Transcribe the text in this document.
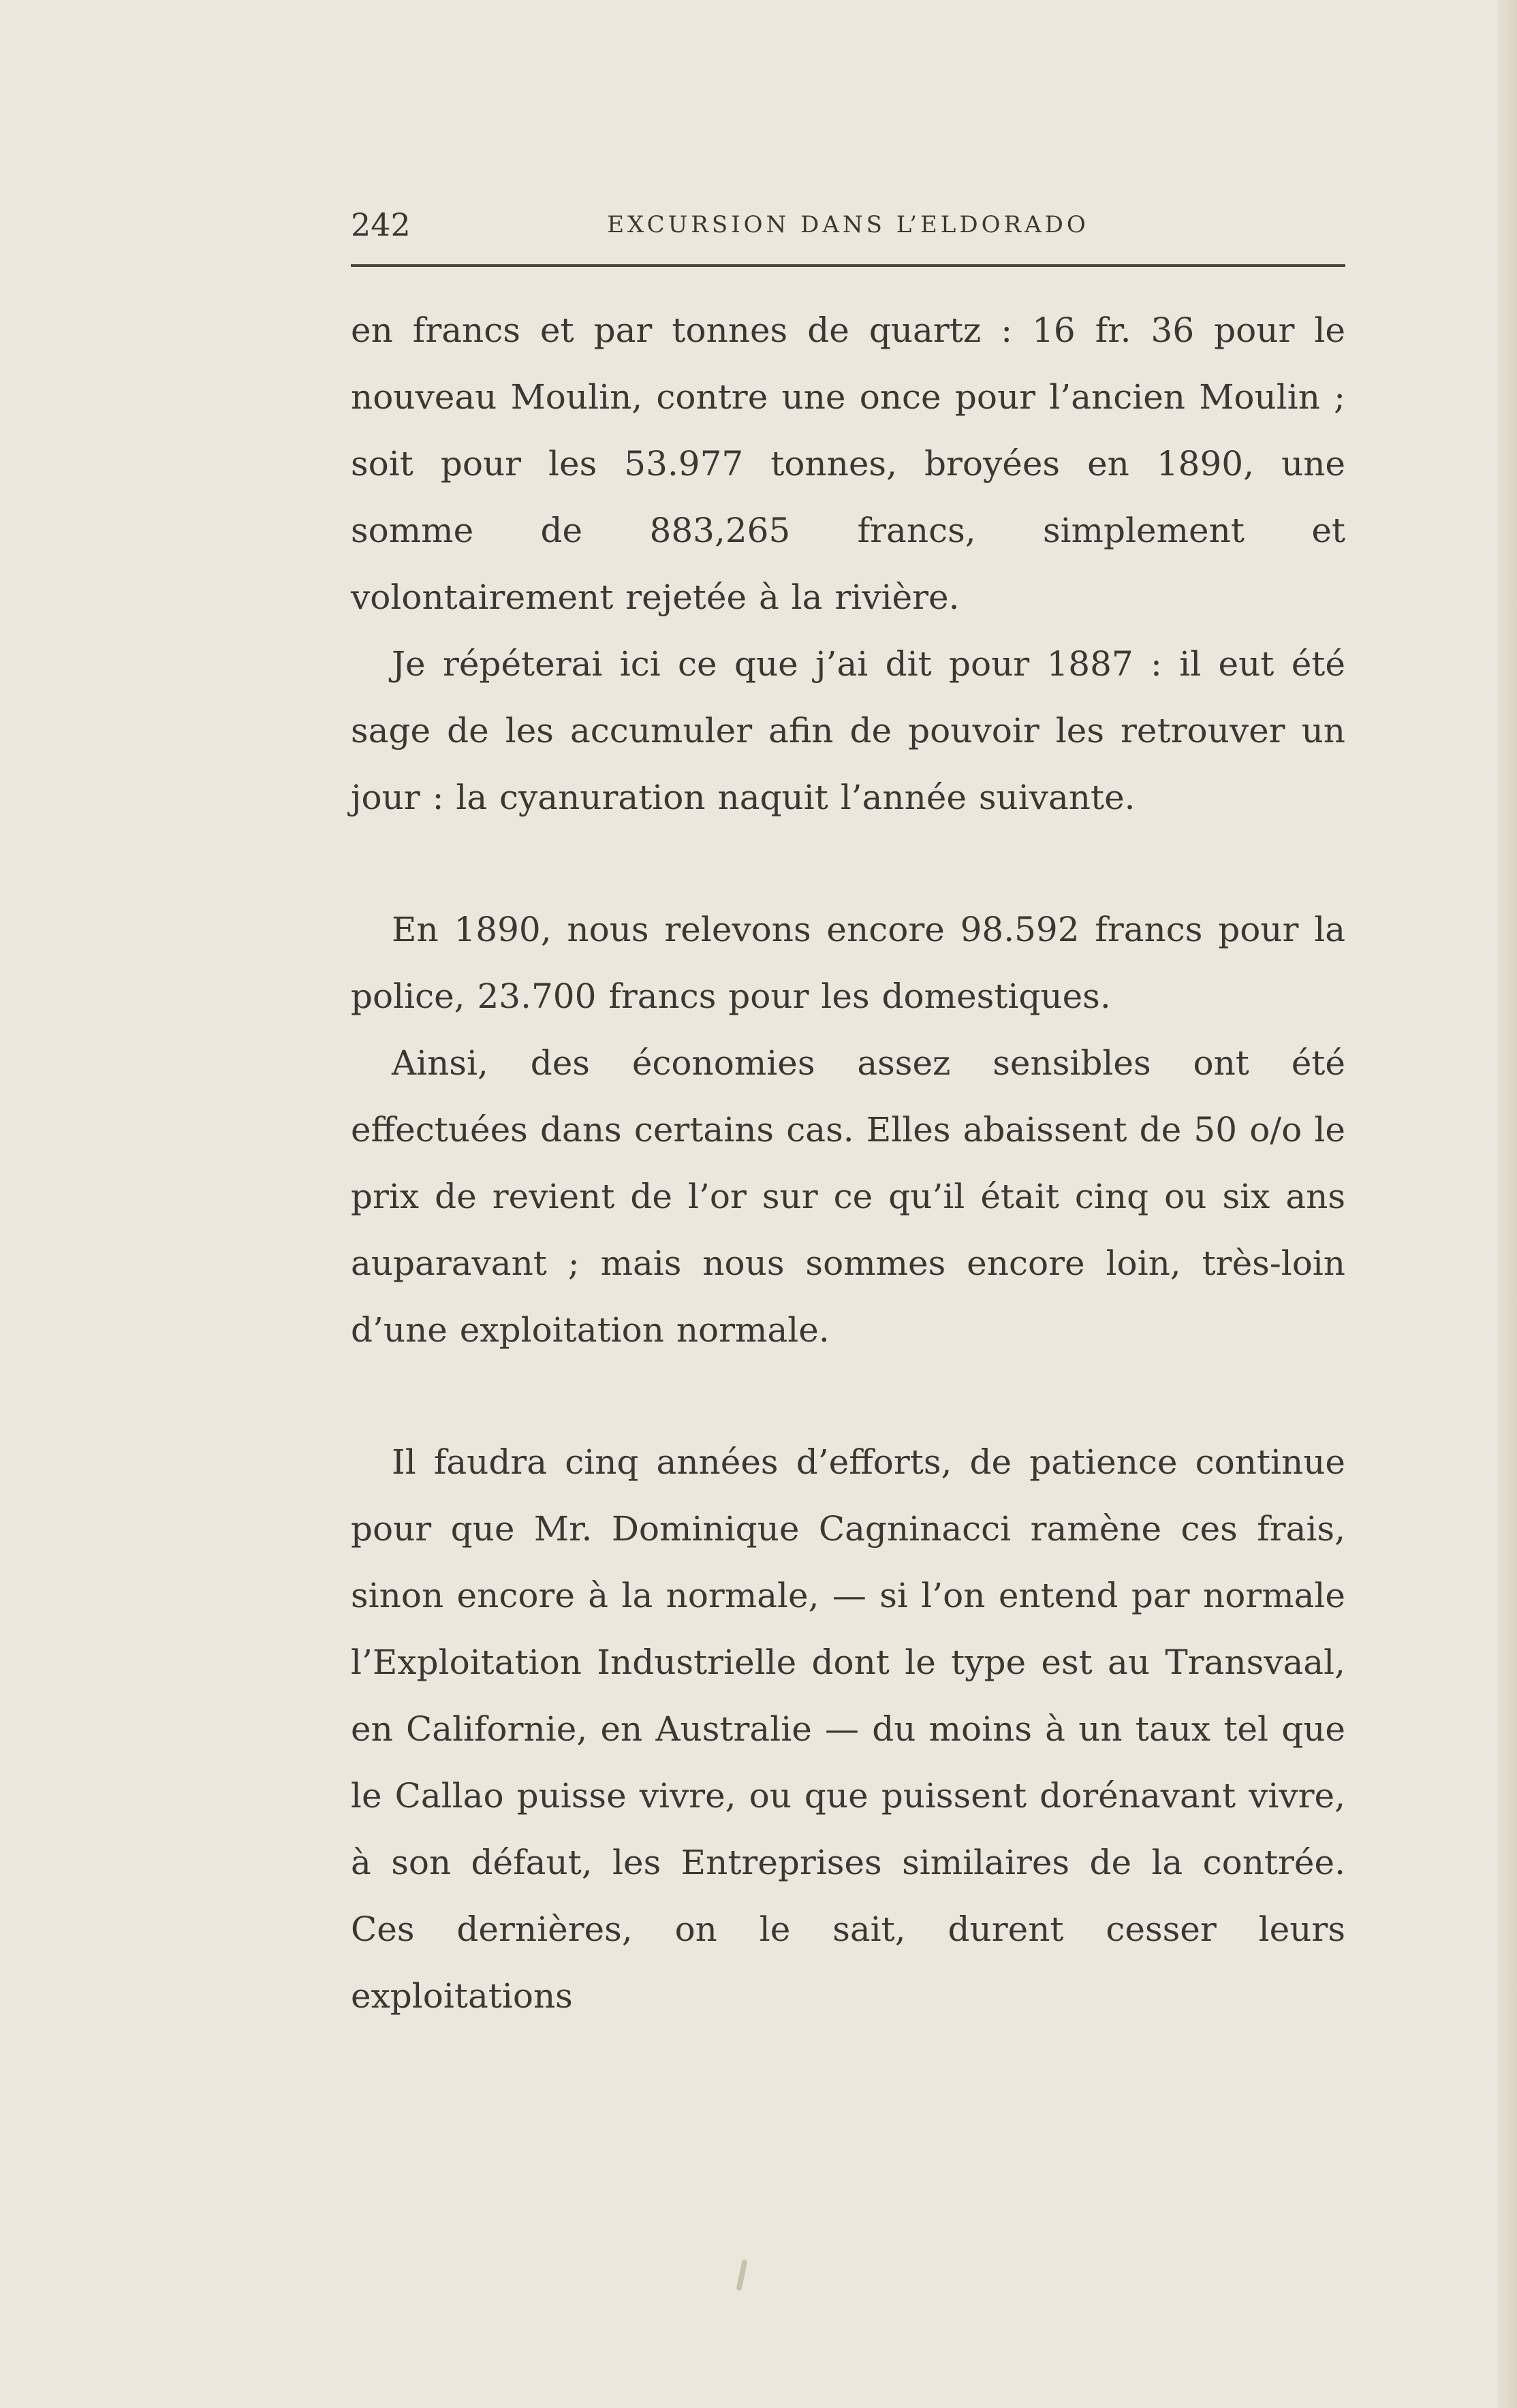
242	EXCURSION DANS L’ELDORADO

en francs et par tonnes de quartz : 16 fr. 36 pour le nouveau Moulin, contre une once pour l’ancien Moulin ; soit pour les 53.977 tonnes, broyées en 1890, une somme de 883,265 francs, simplement et volontairement rejetée à la rivière.

Je répéterai ici ce que j’ai dit pour 1887 : il eut été sage de les accumuler afin de pouvoir les retrouver un jour : la cyanuration naquit l’année suivante.

En 1890, nous relevons encore 98.592 francs pour la police, 23.700 francs pour les domestiques.

Ainsi, des économies assez sensibles ont été effectuées dans certains cas. Elles abaissent de 50 o/o le prix de revient de l’or sur ce qu’il était cinq ou six ans auparavant ; mais nous sommes encore loin, très-loin d’une exploitation normale.

Il faudra cinq années d’efforts, de patience continue pour que Mr. Dominique Cagninacci ramène ces frais, sinon encore à la normale, — si l’on entend par normale l’Exploitation Industrielle dont le type est au Transvaal, en Californie, en Australie — du moins à un taux tel que le Callao puisse vivre, ou que puissent dorénavant vivre, à son défaut, les Entreprises similaires de la contrée. Ces dernières, on le sait, durent cesser leurs exploitations
